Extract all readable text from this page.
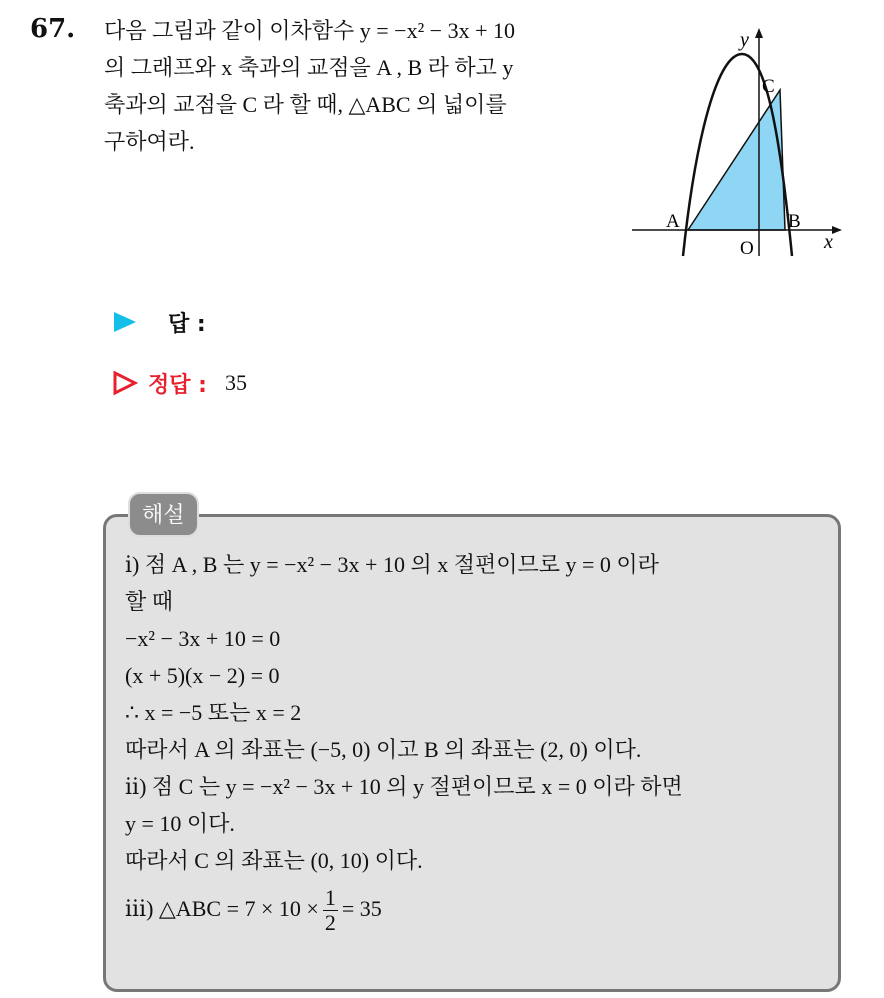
67. 다음 그림과 같이 이차함수 y = −x² − 3x + 10

의 그래프와 x 축과의 교점을 A , B 라 하고 y

축과의 교점을 C 라 할 때, △ABC 의 넓이를

구하여라.

y
x
O
A	B
C
답 :
정답 : 35
해설
ⅰ) 점 A , B 는 y = −x² − 3x + 10 의 x 절편이므로 y = 0 이라
할 때
−x² − 3x + 10 = 0
(x + 5)(x − 2) = 0
∴ x = −5 또는 x = 2
따라서 A 의 좌표는 (−5, 0) 이고 B 의 좌표는 (2, 0) 이다.
ⅱ) 점 C 는 y = −x² − 3x + 10 의 y 절편이므로 x = 0 이라 하면
y = 10 이다.
따라서 C 의 좌표는 (0, 10) 이다.
ⅲ) △ABC = $7 \times 10 \times \frac{1}{2} = 35$
